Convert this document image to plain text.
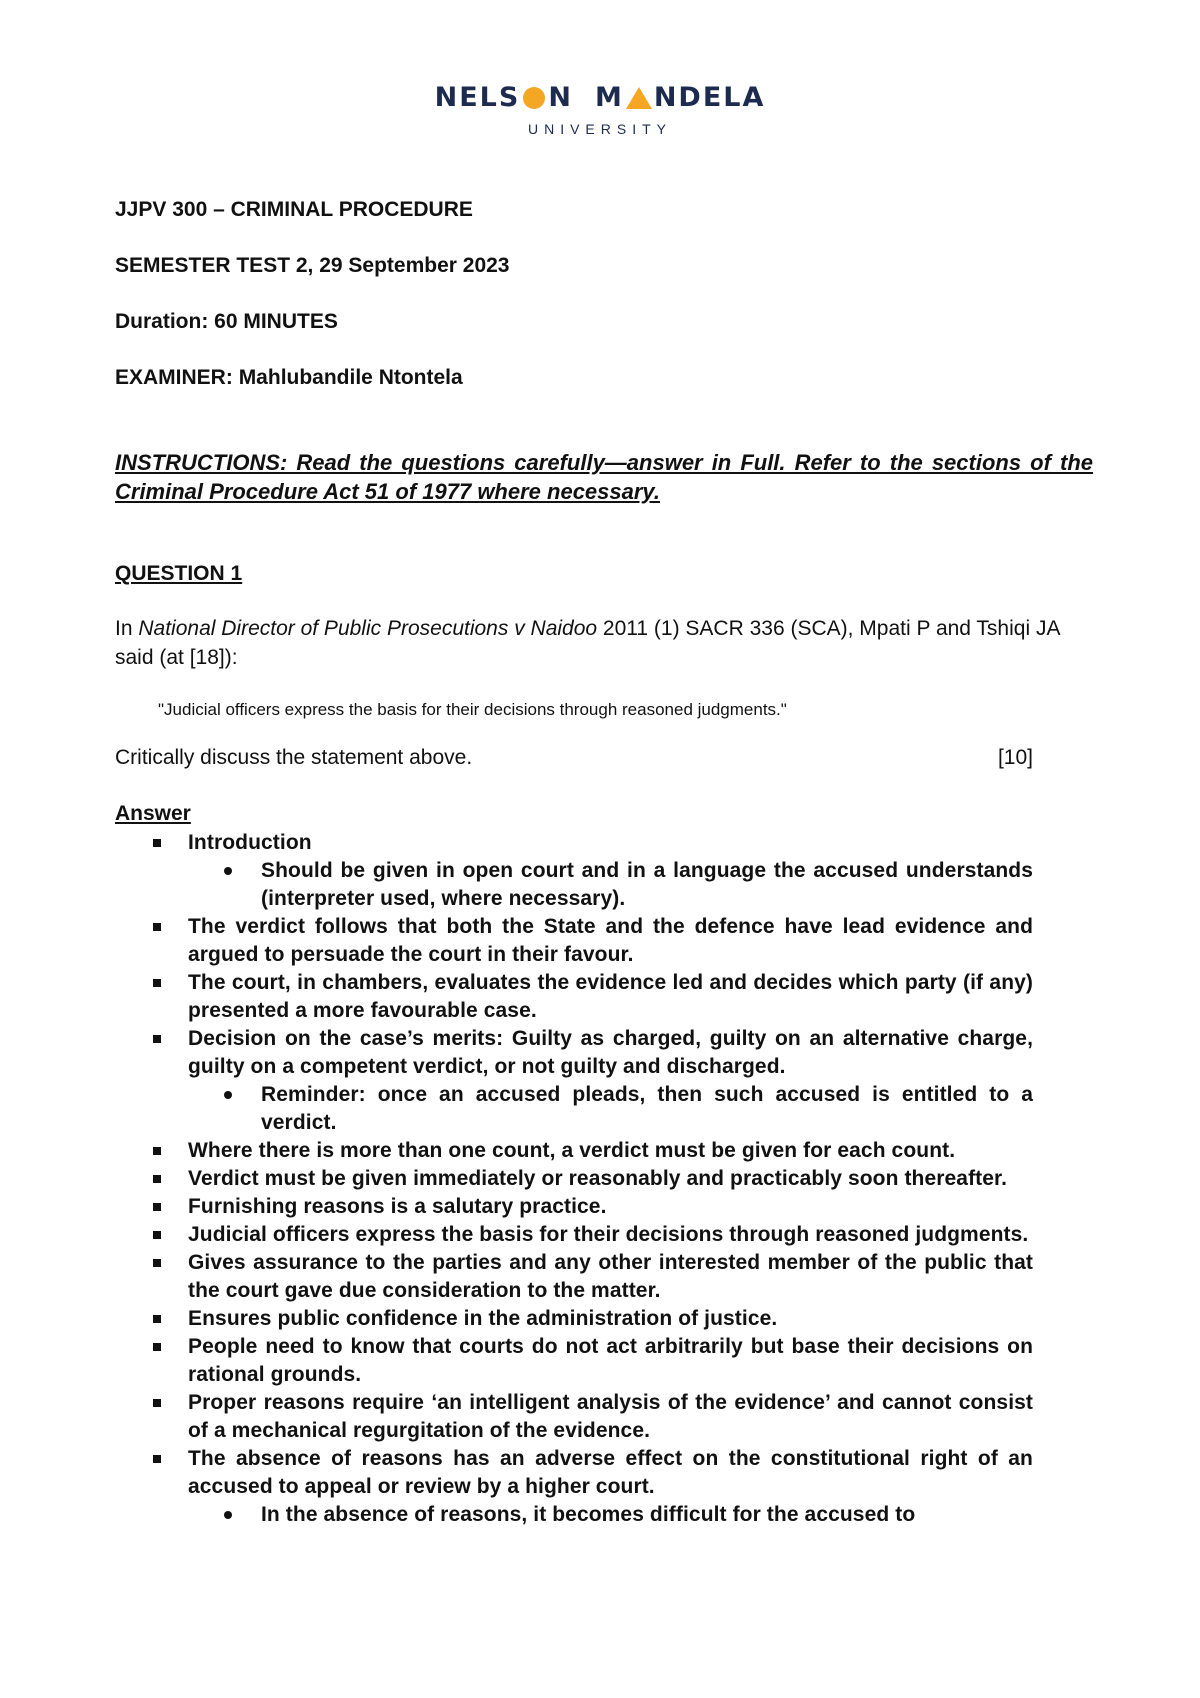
NELS N M NDELA
UNIVERSITY

JJPV 300 – CRIMINAL PROCEDURE

SEMESTER TEST 2, 29 September 2023

Duration: 60 MINUTES

EXAMINER: Mahlubandile Ntontela

INSTRUCTIONS: Read the questions carefully—answer in Full. Refer to the sections of the Criminal Procedure Act 51 of 1977 where necessary.
QUESTION 1
In National Director of Public Prosecutions v Naidoo 2011 (1) SACR 336 (SCA), Mpati P and Tshiqi JA said (at [18]):
"Judicial officers express the basis for their decisions through reasoned judgments."
Critically discuss the statement above.	[10]
Answer
Introduction
Should be given in open court and in a language the accused understands (interpreter used, where necessary).
The verdict follows that both the State and the defence have lead evidence and argued to persuade the court in their favour.
The court, in chambers, evaluates the evidence led and decides which party (if any) presented a more favourable case.
Decision on the case’s merits: Guilty as charged, guilty on an alternative charge, guilty on a competent verdict, or not guilty and discharged.
Reminder: once an accused pleads, then such accused is entitled to a verdict.
Where there is more than one count, a verdict must be given for each count.
Verdict must be given immediately or reasonably and practicably soon thereafter.
Furnishing reasons is a salutary practice.
Judicial officers express the basis for their decisions through reasoned judgments.
Gives assurance to the parties and any other interested member of the public that the court gave due consideration to the matter.
Ensures public confidence in the administration of justice.
People need to know that courts do not act arbitrarily but base their decisions on rational grounds.
Proper reasons require ‘an intelligent analysis of the evidence’ and cannot consist of a mechanical regurgitation of the evidence.
The absence of reasons has an adverse effect on the constitutional right of an accused to appeal or review by a higher court.
In the absence of reasons, it becomes difficult for the accused to
